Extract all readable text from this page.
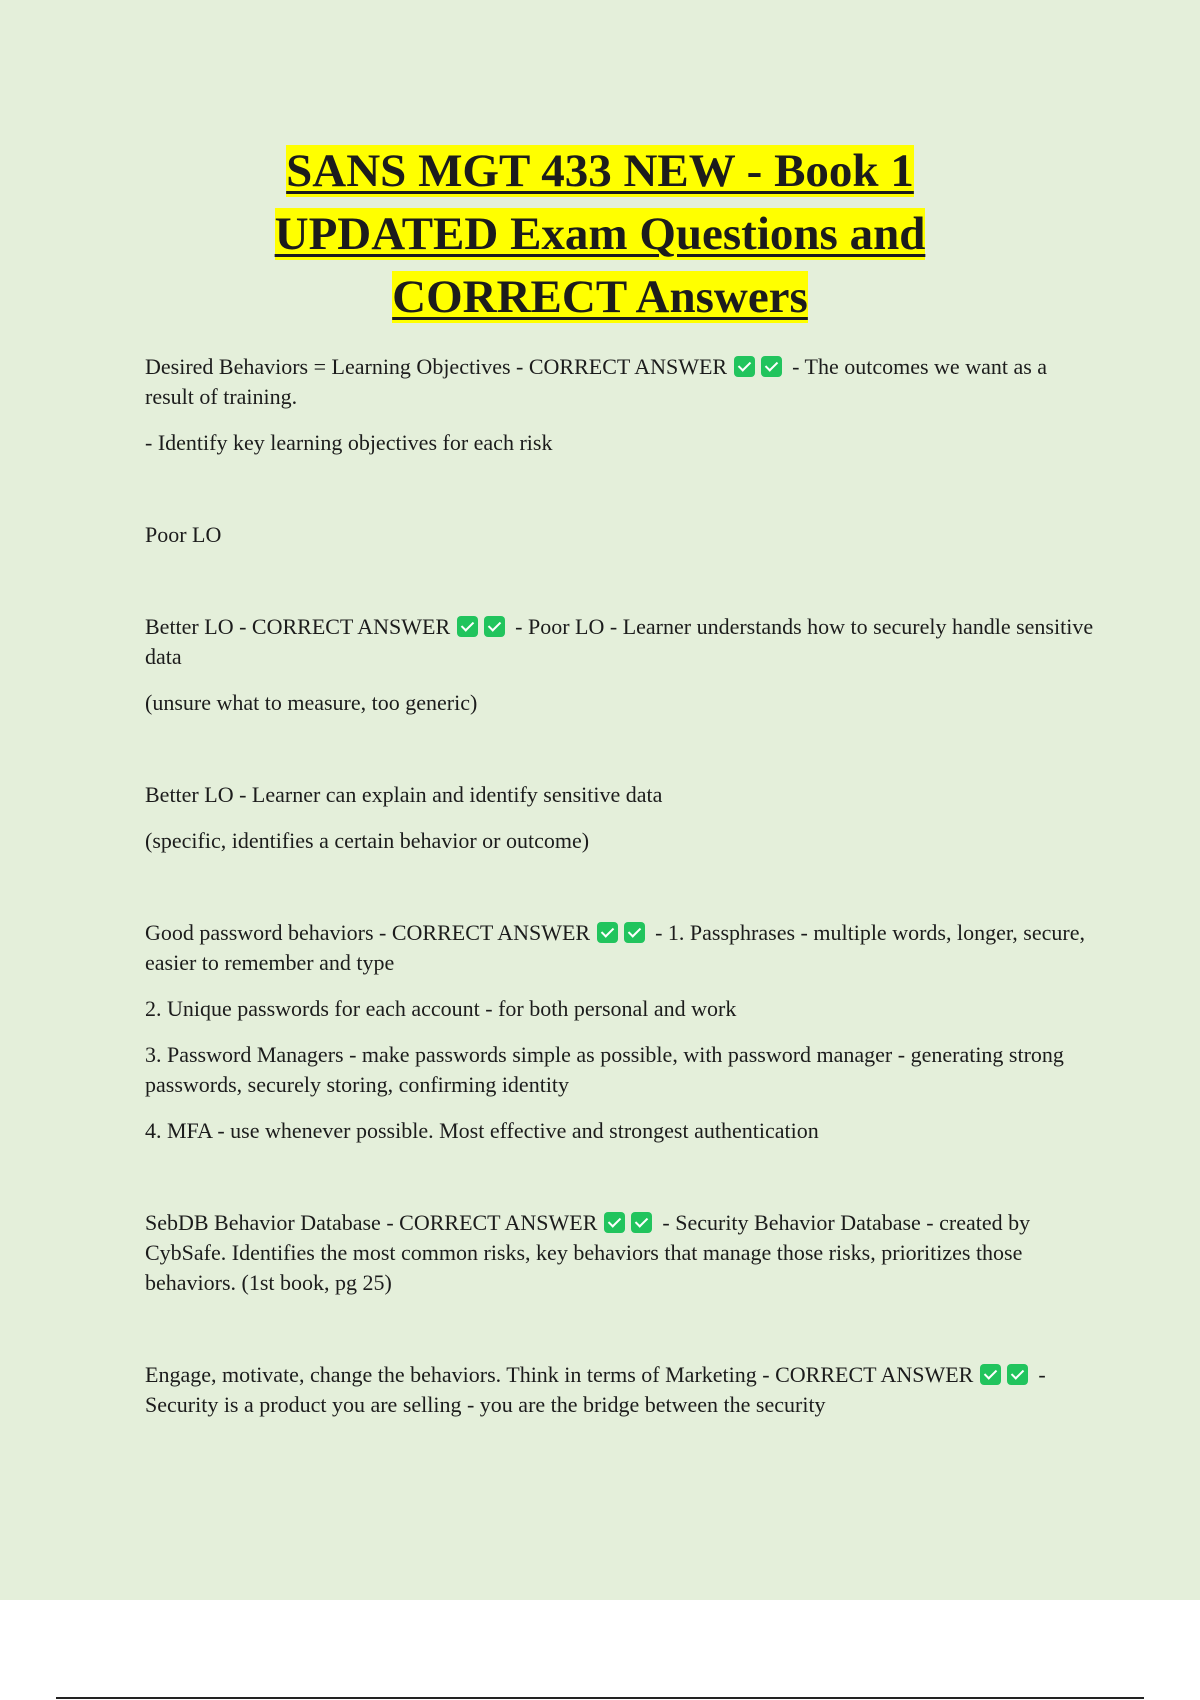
SANS MGT 433 NEW - Book 1
UPDATED Exam Questions and
CORRECT Answers

Desired Behaviors = Learning Objectives - CORRECT ANSWER	- The outcomes we want as a result of training.

- Identify key learning objectives for each risk

Poor LO

Better LO - CORRECT ANSWER	- Poor LO - Learner understands how to securely handle sensitive data

(unsure what to measure, too generic)

Better LO - Learner can explain and identify sensitive data

(specific, identifies a certain behavior or outcome)

Good password behaviors - CORRECT ANSWER	- 1. Passphrases - multiple words, longer, secure, easier to remember and type

2. Unique passwords for each account - for both personal and work

3. Password Managers - make passwords simple as possible, with password manager - generating strong passwords, securely storing, confirming identity

4. MFA - use whenever possible. Most effective and strongest authentication

SebDB Behavior Database - CORRECT ANSWER	- Security Behavior Database - created by CybSafe. Identifies the most common risks, key behaviors that manage those risks, prioritizes those behaviors. (1st book, pg 25)

Engage, motivate, change the behaviors. Think in terms of Marketing - CORRECT ANSWER	- Security is a product you are selling - you are the bridge between the security
